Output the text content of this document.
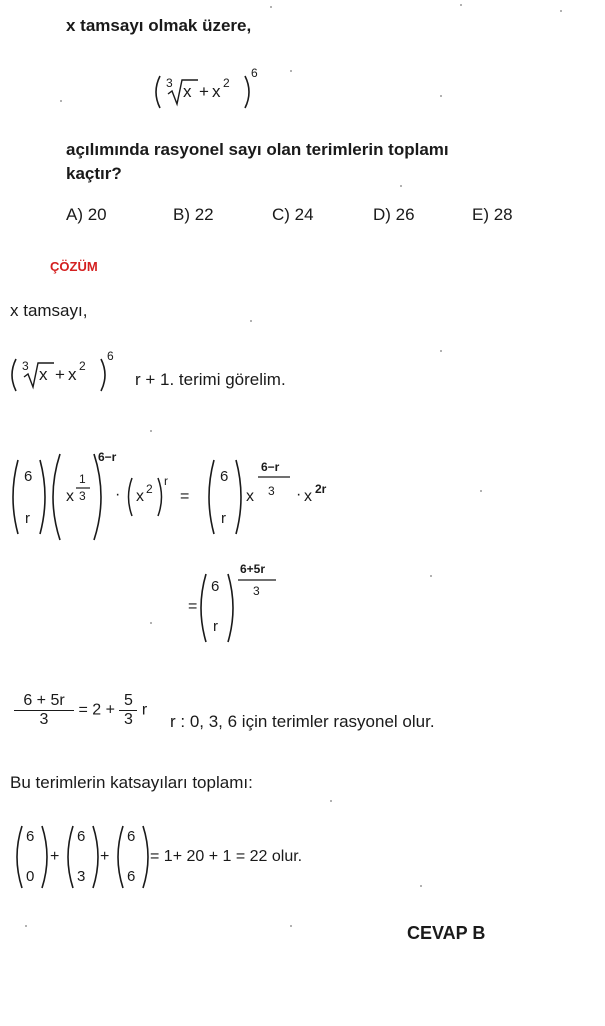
x tamsayı olmak üzere,
3 x + x 2
6
açılımında rasyonel sayı olan terimlerin toplamı
kaçtır?
A) 20	B) 22	C) 24	D) 26	E) 28
ÇÖZÜM
x tamsayı,
3 x + x 2
6
r + 1. terimi görelim.
6
r
x
1
3
6−r
· x 2
r
=
6
r
x
6−r
3 · x 2r
=
6
r
6+5r
3
$\frac{6 + 5r}{3} = 2 + \frac{5}{3}$ r
r : 0, 3, 6 için terimler rasyonel olur.
Bu terimlerin katsayıları toplamı:
6
0
+
6
3
+
6
6
= 1+ 20 + 1 = 22 olur.
CEVAP B
